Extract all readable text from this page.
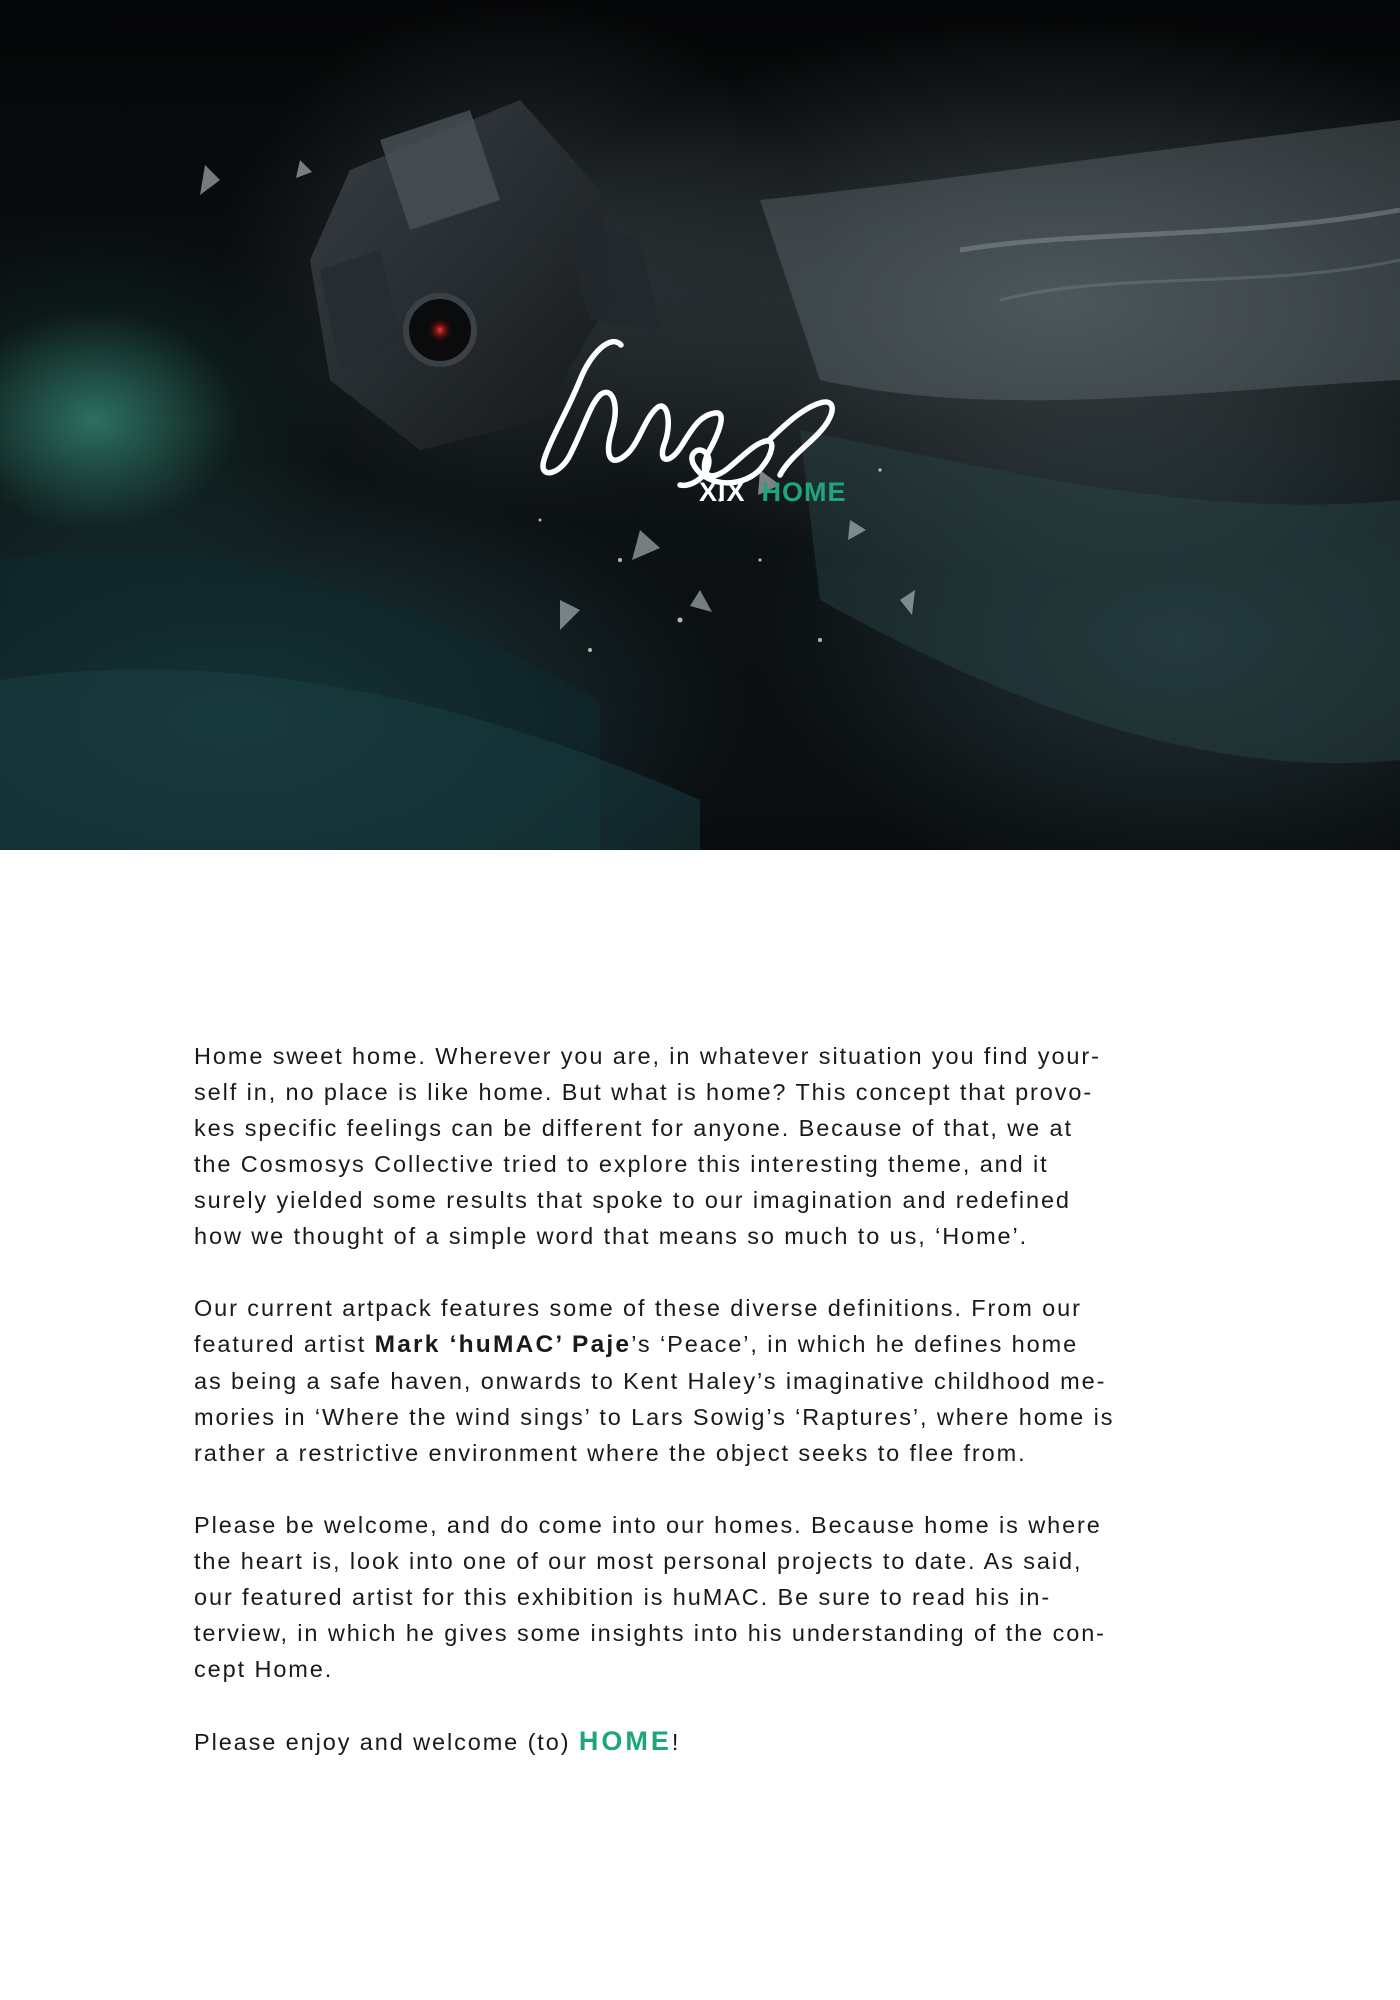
XIX HOME

Home sweet home. Wherever you are, in whatever situation you find your-
self in, no place is like home. But what is home? This concept that provo-
kes specific feelings can be different for anyone. Because of that, we at
the Cosmosys Collective tried to explore this interesting theme, and it
surely yielded some results that spoke to our imagination and redefined
how we thought of a simple word that means so much to us, ‘Home’.

Our current artpack features some of these diverse definitions. From our
featured artist Mark ‘huMAC’ Paje’s ‘Peace’, in which he defines home
as being a safe haven, onwards to Kent Haley’s imaginative childhood me-
mories in ‘Where the wind sings’ to Lars Sowig’s ‘Raptures’, where home is
rather a restrictive environment where the object seeks to flee from.

Please be welcome, and do come into our homes. Because home is where
the heart is, look into one of our most personal projects to date. As said,
our featured artist for this exhibition is huMAC. Be sure to read his in-
terview, in which he gives some insights into his understanding of the con-
cept Home.

Please enjoy and welcome (to) HOME!
